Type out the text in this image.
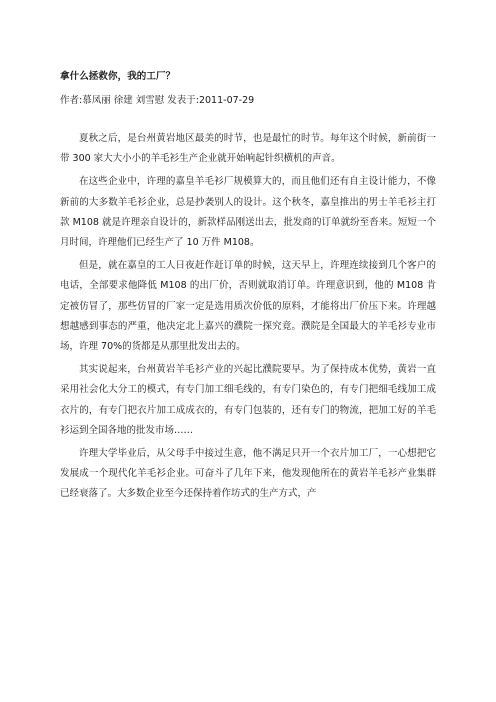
拿什么拯救你，我的工厂？
作者:慕凤丽 徐建 刘雪慰 发表于:2011-07-29

夏秋之后，是台州黄岩地区最美的时节，也是最忙的时节。每年这个时候，新前街一带 300 家大大小小的羊毛衫生产企业就开始响起针织横机的声音。

在这些企业中，许理的嘉皇羊毛衫厂规模算大的，而且他们还有自主设计能力，不像新前的大多数羊毛衫企业，总是抄袭别人的设计。这个秋冬，嘉皇推出的男士羊毛衫主打款 M108 就是许理亲自设计的，新款样品刚送出去，批发商的订单就纷至沓来。短短一个月时间，许理他们已经生产了 10 万件 M108。

但是，就在嘉皇的工人日夜赶作赶订单的时候，这天早上，许理连续接到几个客户的电话，全部要求他降低 M108 的出厂价，否则就取消订单。许理意识到，他的 M108 肯定被仿冒了，那些仿冒的厂家一定是选用质次价低的原料，才能将出厂价压下来。许理越想越感到事态的严重，他决定北上嘉兴的濮院一探究竟。濮院是全国最大的羊毛衫专业市场，许理 70%的货都是从那里批发出去的。

其实说起来，台州黄岩羊毛衫产业的兴起比濮院要早。为了保持成本优势，黄岩一直采用社会化大分工的模式，有专门加工细毛线的，有专门染色的，有专门把细毛线加工成衣片的，有专门把衣片加工成成衣的，有专门包装的，还有专门的物流，把加工好的羊毛衫运到全国各地的批发市场……

许理大学毕业后，从父母手中接过生意，他不满足只开一个衣片加工厂，一心想把它发展成一个现代化羊毛衫企业。可奋斗了几年下来，他发现他所在的黄岩羊毛衫产业集群已经衰落了。大多数企业至今还保持着作坊式的生产方式，产
